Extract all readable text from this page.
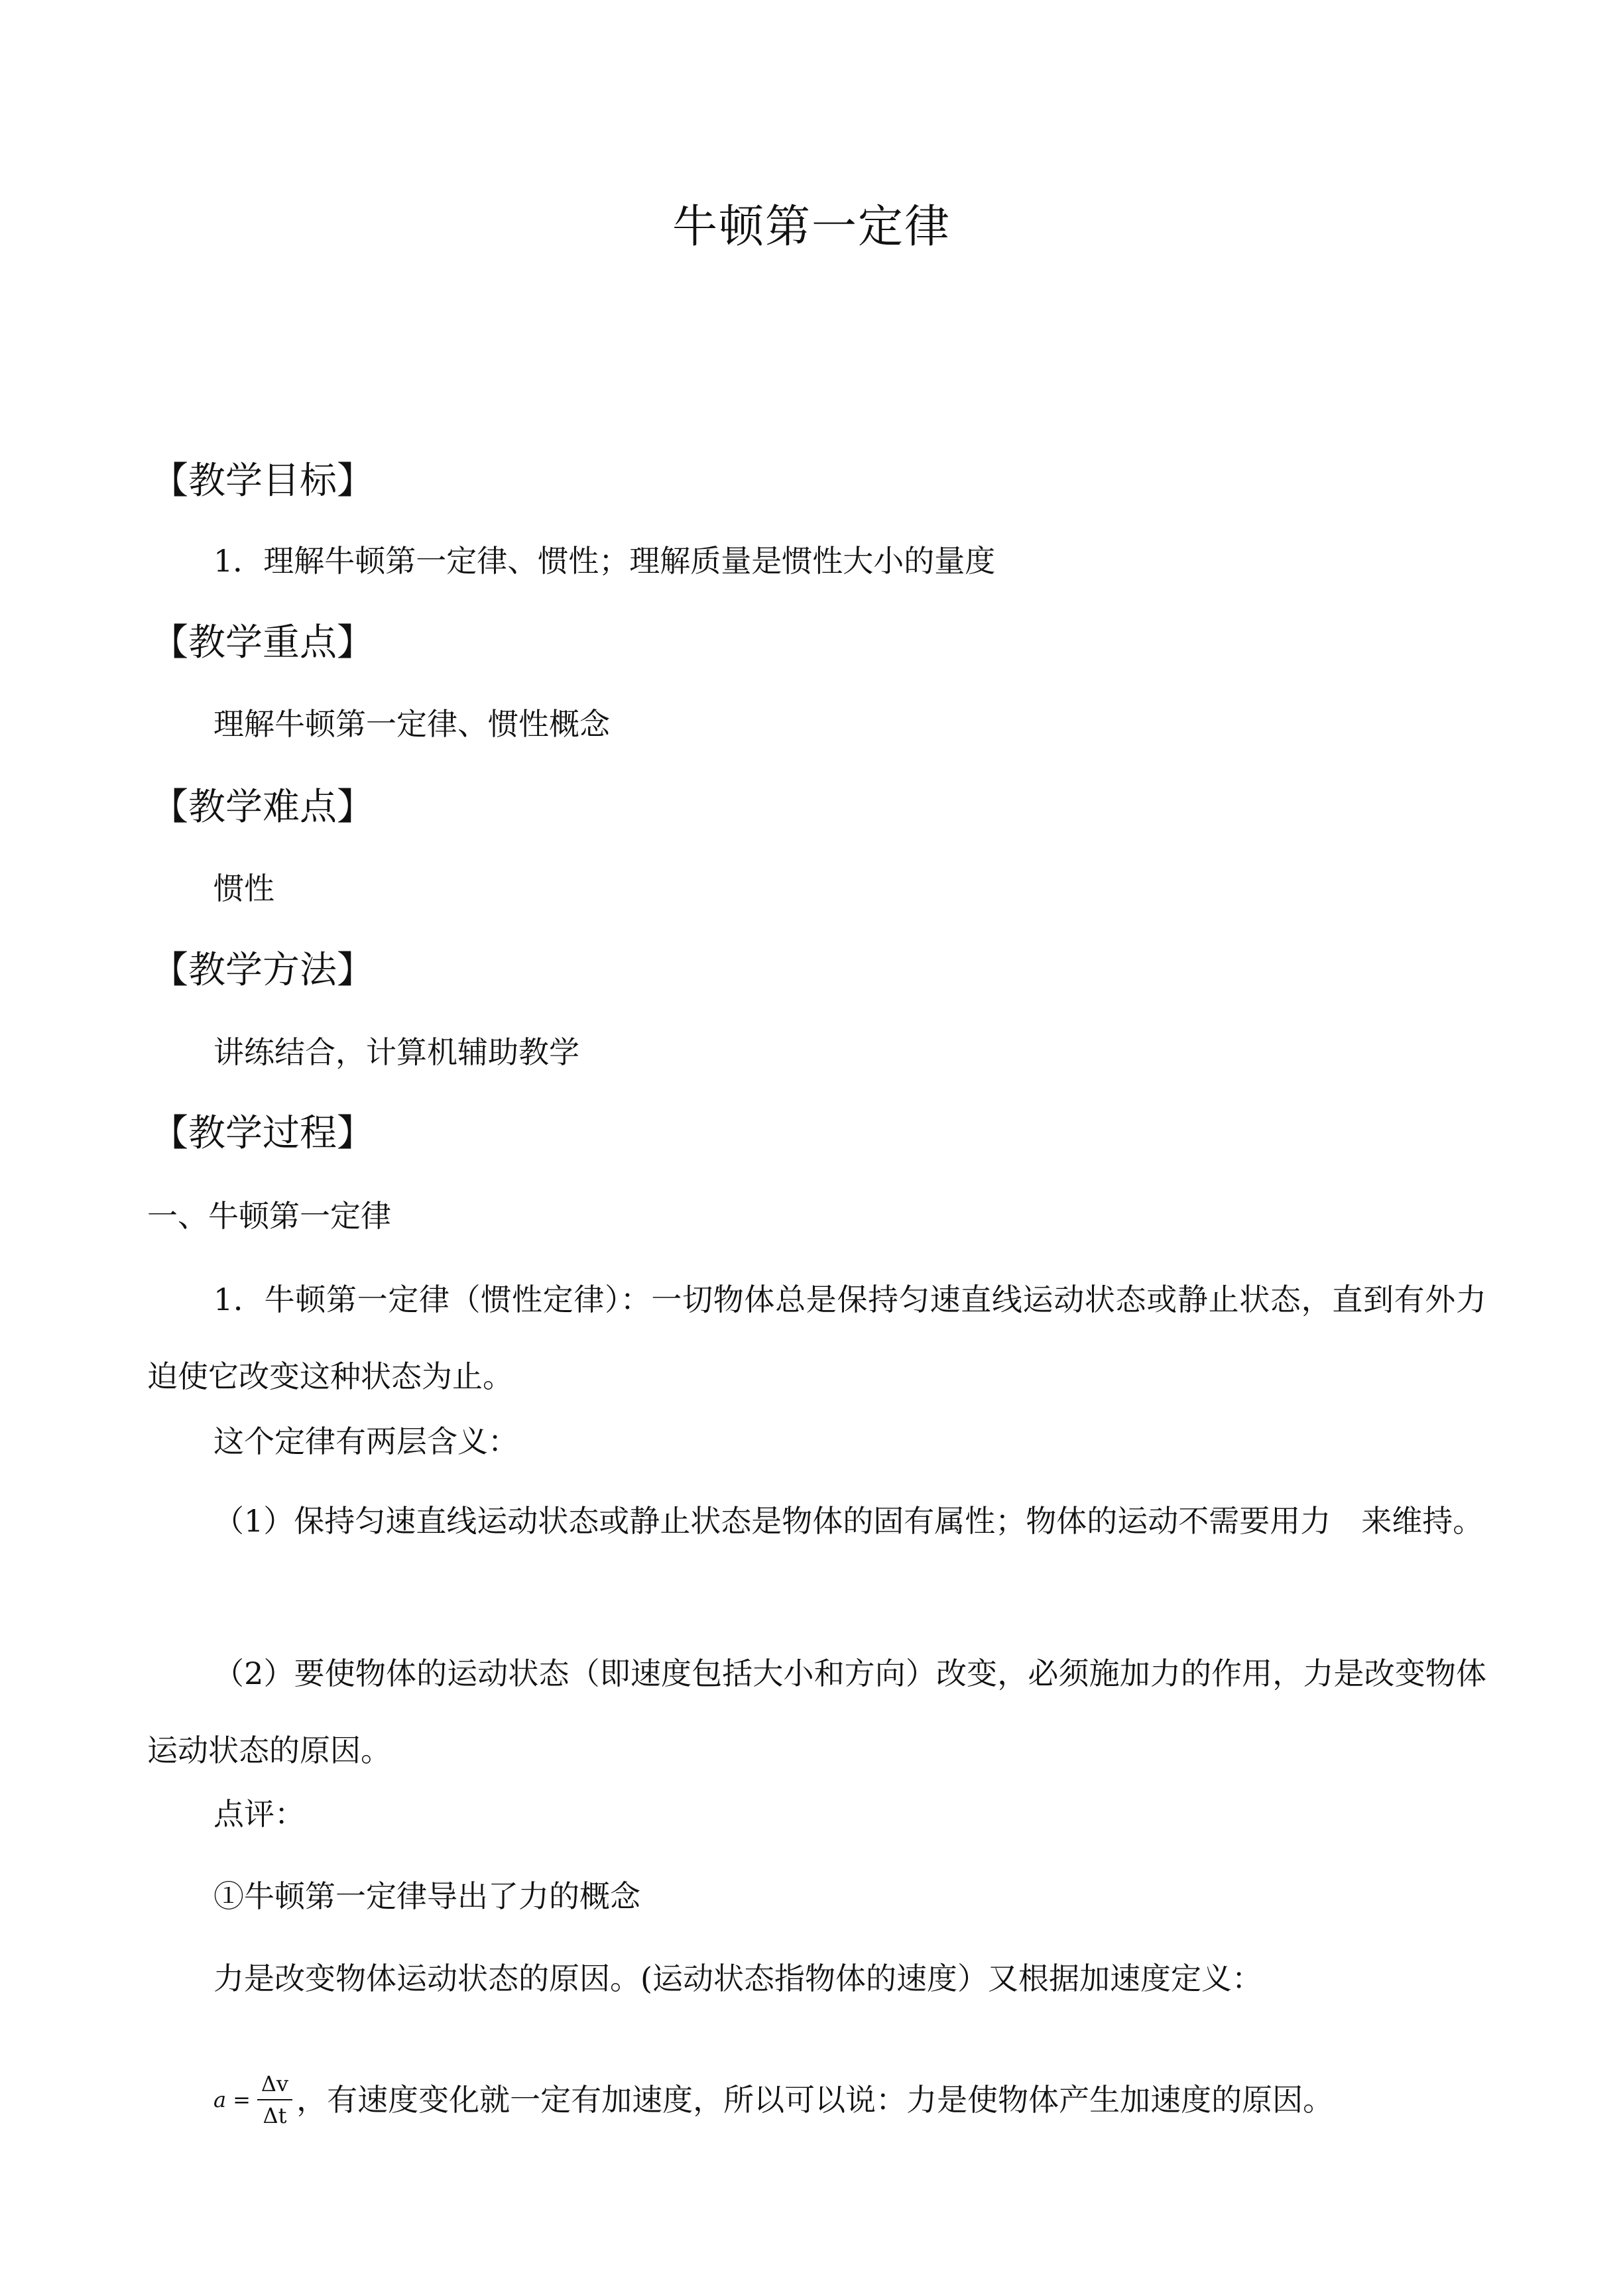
牛顿第一定律
【教学目标】
1．理解牛顿第一定律、惯性；理解质量是惯性大小的量度
【教学重点】
理解牛顿第一定律、惯性概念
【教学难点】
惯性
【教学方法】
讲练结合，计算机辅助教学
【教学过程】
一、牛顿第一定律
1．牛顿第一定律（惯性定律）：一切物体总是保持匀速直线运动状态或静止状态，直到有外力迫使它改变这种状态为止。
这个定律有两层含义：
（1）保持匀速直线运动状态或静止状态是物体的固有属性；物体的运动不需要用力　来维持。
（2）要使物体的运动状态（即速度包括大小和方向）改变，必须施加力的作用，力是改变物体运动状态的原因。
点评：
①牛顿第一定律导出了力的概念
力是改变物体运动状态的原因。(运动状态指物体的速度）又根据加速度定义：
$a = \frac{\Delta v}{\Delta t}$ ，有速度变化就一定有加速度，所以可以说：力是使物体产生加速度的原因。
